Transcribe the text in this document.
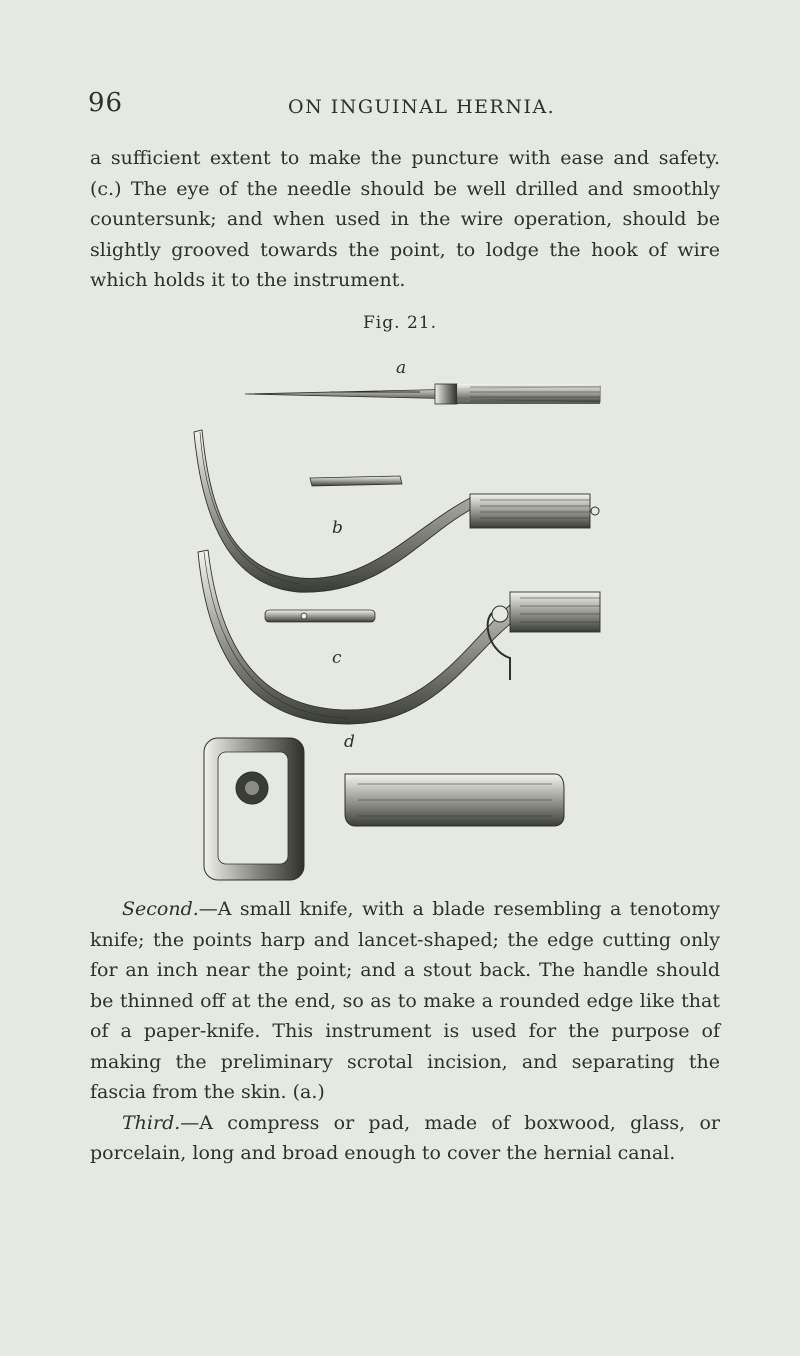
96	ON INGUINAL HERNIA.

a sufficient extent to make the puncture with ease and safety. (c.) The eye of the needle should be well drilled and smoothly countersunk; and when used in the wire operation, should be slightly grooved towards the point, to lodge the hook of wire which holds it to the instrument.

Fig. 21.
a
b
c
d

Second.—A small knife, with a blade resembling a tenotomy knife; the points harp and lancet-shaped; the edge cutting only for an inch near the point; and a stout back. The handle should be thinned off at the end, so as to make a rounded edge like that of a paper-knife. This instrument is used for the purpose of making the preliminary scrotal incision, and separating the fascia from the skin. (a.)

Third.—A compress or pad, made of boxwood, glass, or porcelain, long and broad enough to cover the hernial canal.
